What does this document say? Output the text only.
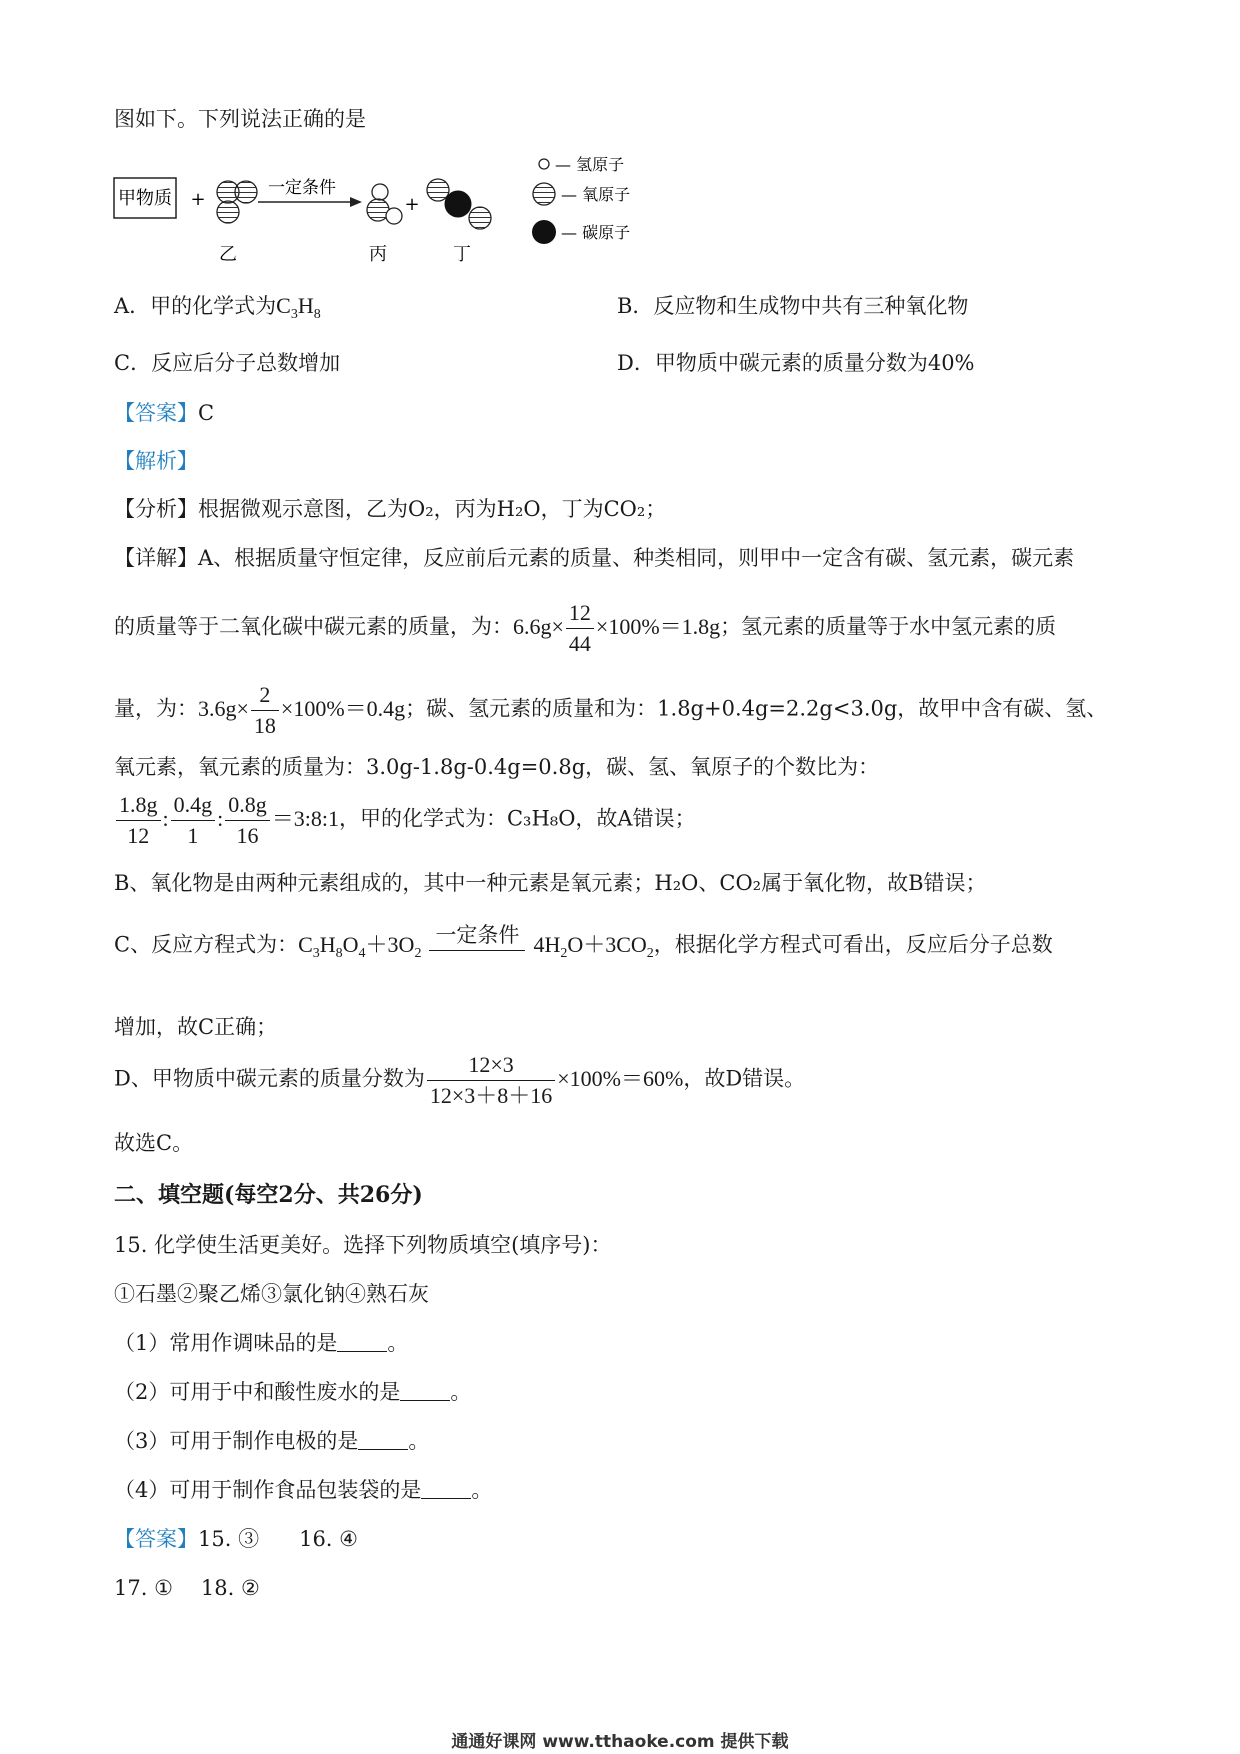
图如下。下列说法正确的是
甲物质 +
一定条件
+
乙	丙	丁
— 氢原子
— 氧原子
— 碳原子
A．甲的化学式为$C_3H_8$	B．反应物和生成物中共有三种氧化物
C．反应后分子总数增加	D．甲物质中碳元素的质量分数为40%
【答案】C
【解析】
【分析】根据微观示意图，乙为O₂，丙为H₂O，丁为CO₂；
【详解】A、根据质量守恒定律，反应前后元素的质量、种类相同，则甲中一定含有碳、氢元素，碳元素
的质量等于二氧化碳中碳元素的质量，为：$6.6g\times \frac{12}{44} \times 100\%=1.8g$；氢元素的质量等于水中氢元素的质
量，为：$3.6g\times \frac{2}{18} \times 100\%=0.4g$；碳、氢元素的质量和为：1.8g+0.4g=2.2g<3.0g，故甲中含有碳、氢、
氧元素，氧元素的质量为：3.0g-1.8g-0.4g=0.8g，碳、氢、氧原子的个数比为：
$\frac{1.8g}{12}$ : $\frac{0.4g}{1}$ : $\frac{0.8g}{16}$ ＝3:8:1，甲的化学式为：C₃H₈O，故A错误；
B、氧化物是由两种元素组成的，其中一种元素是氧元素；H₂O、CO₂属于氧化物，故B错误；
C、反应方程式为：$C_3H_8O_4+3O_2$
一定条件 $4H_2O+3CO_2$，根据化学方程式可看出，反应后分子总数
增加，故C正确；
D、甲物质中碳元素的质量分数为 $\frac{12\times 3}{12\times 3+8+16} \times 100\%=60\%$，故D错误。
故选C。
二、填空题(每空2分、共26分)
15. 化学使生活更美好。选择下列物质填空(填序号)：
①石墨②聚乙烯③氯化钠④熟石灰
（1）常用作调味品的是 。
（2）可用于中和酸性废水的是 。
（3）可用于制作电极的是 。
（4）可用于制作食品包装袋的是 。
【答案】15. ③ 16. ④
17. ① 18. ②
通通好课网 www.tthaoke.com 提供下载
